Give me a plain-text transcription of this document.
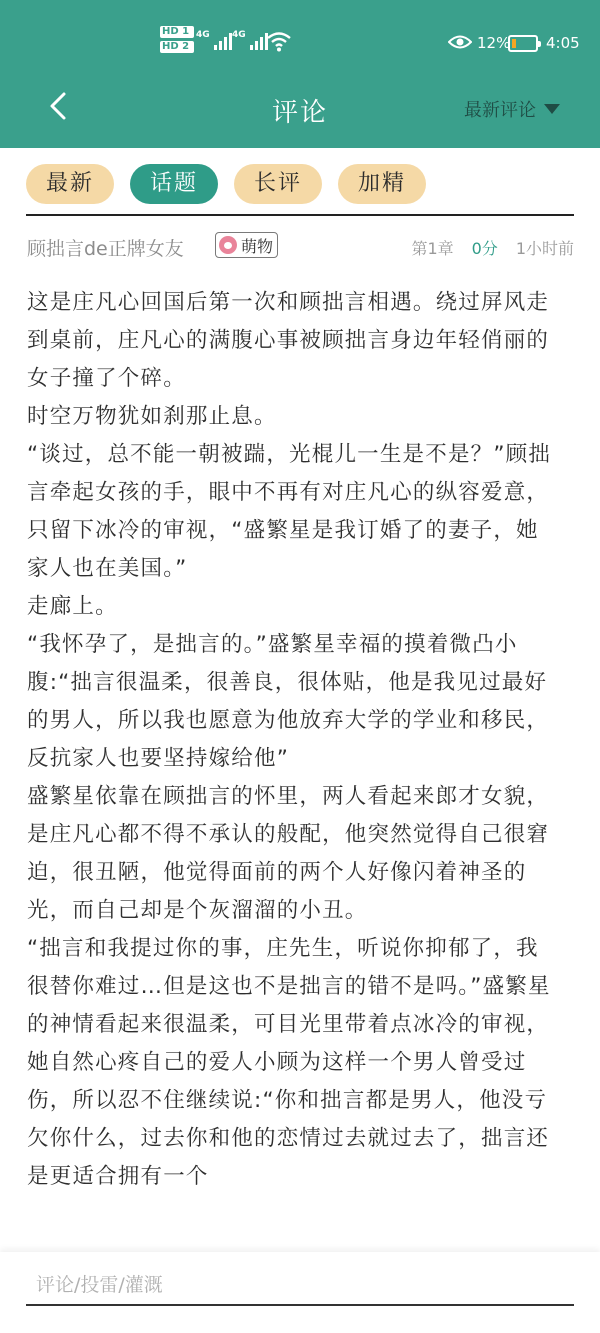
HD 1
HD 2
4G 4G	12% 4:05
评论	最新评论
最新	话题	长评	加精
顾拙言de正牌女友	萌物	第1章 0分 1小时前

这是庄凡心回国后第一次和顾拙言相遇。绕过屏风走到桌前，庄凡心的满腹心事被顾拙言身边年轻俏丽的女子撞了个碎。

时空万物犹如刹那止息。

“谈过，总不能一朝被踹，光棍儿一生是不是？”顾拙言牵起女孩的手，眼中不再有对庄凡心的纵容爱意，只留下冰冷的审视，“盛繁星是我订婚了的妻子，她家人也在美国。”

走廊上。

“我怀孕了，是拙言的。”盛繁星幸福的摸着微凸小腹:“拙言很温柔，很善良，很体贴，他是我见过最好的男人，所以我也愿意为他放弃大学的学业和移民，反抗家人也要坚持嫁给他”

盛繁星依靠在顾拙言的怀里，两人看起来郎才女貌，是庄凡心都不得不承认的般配，他突然觉得自己很窘迫，很丑陋，他觉得面前的两个人好像闪着神圣的光，而自己却是个灰溜溜的小丑。

“拙言和我提过你的事，庄先生，听说你抑郁了，我很替你难过…但是这也不是拙言的错不是吗。”盛繁星的神情看起来很温柔，可目光里带着点冰冷的审视，她自然心疼自己的爱人小顾为这样一个男人曾受过伤，所以忍不住继续说:“你和拙言都是男人，他没亏欠你什么，过去你和他的恋情过去就过去了，拙言还是更适合拥有一个

评论/投雷/灌溉
